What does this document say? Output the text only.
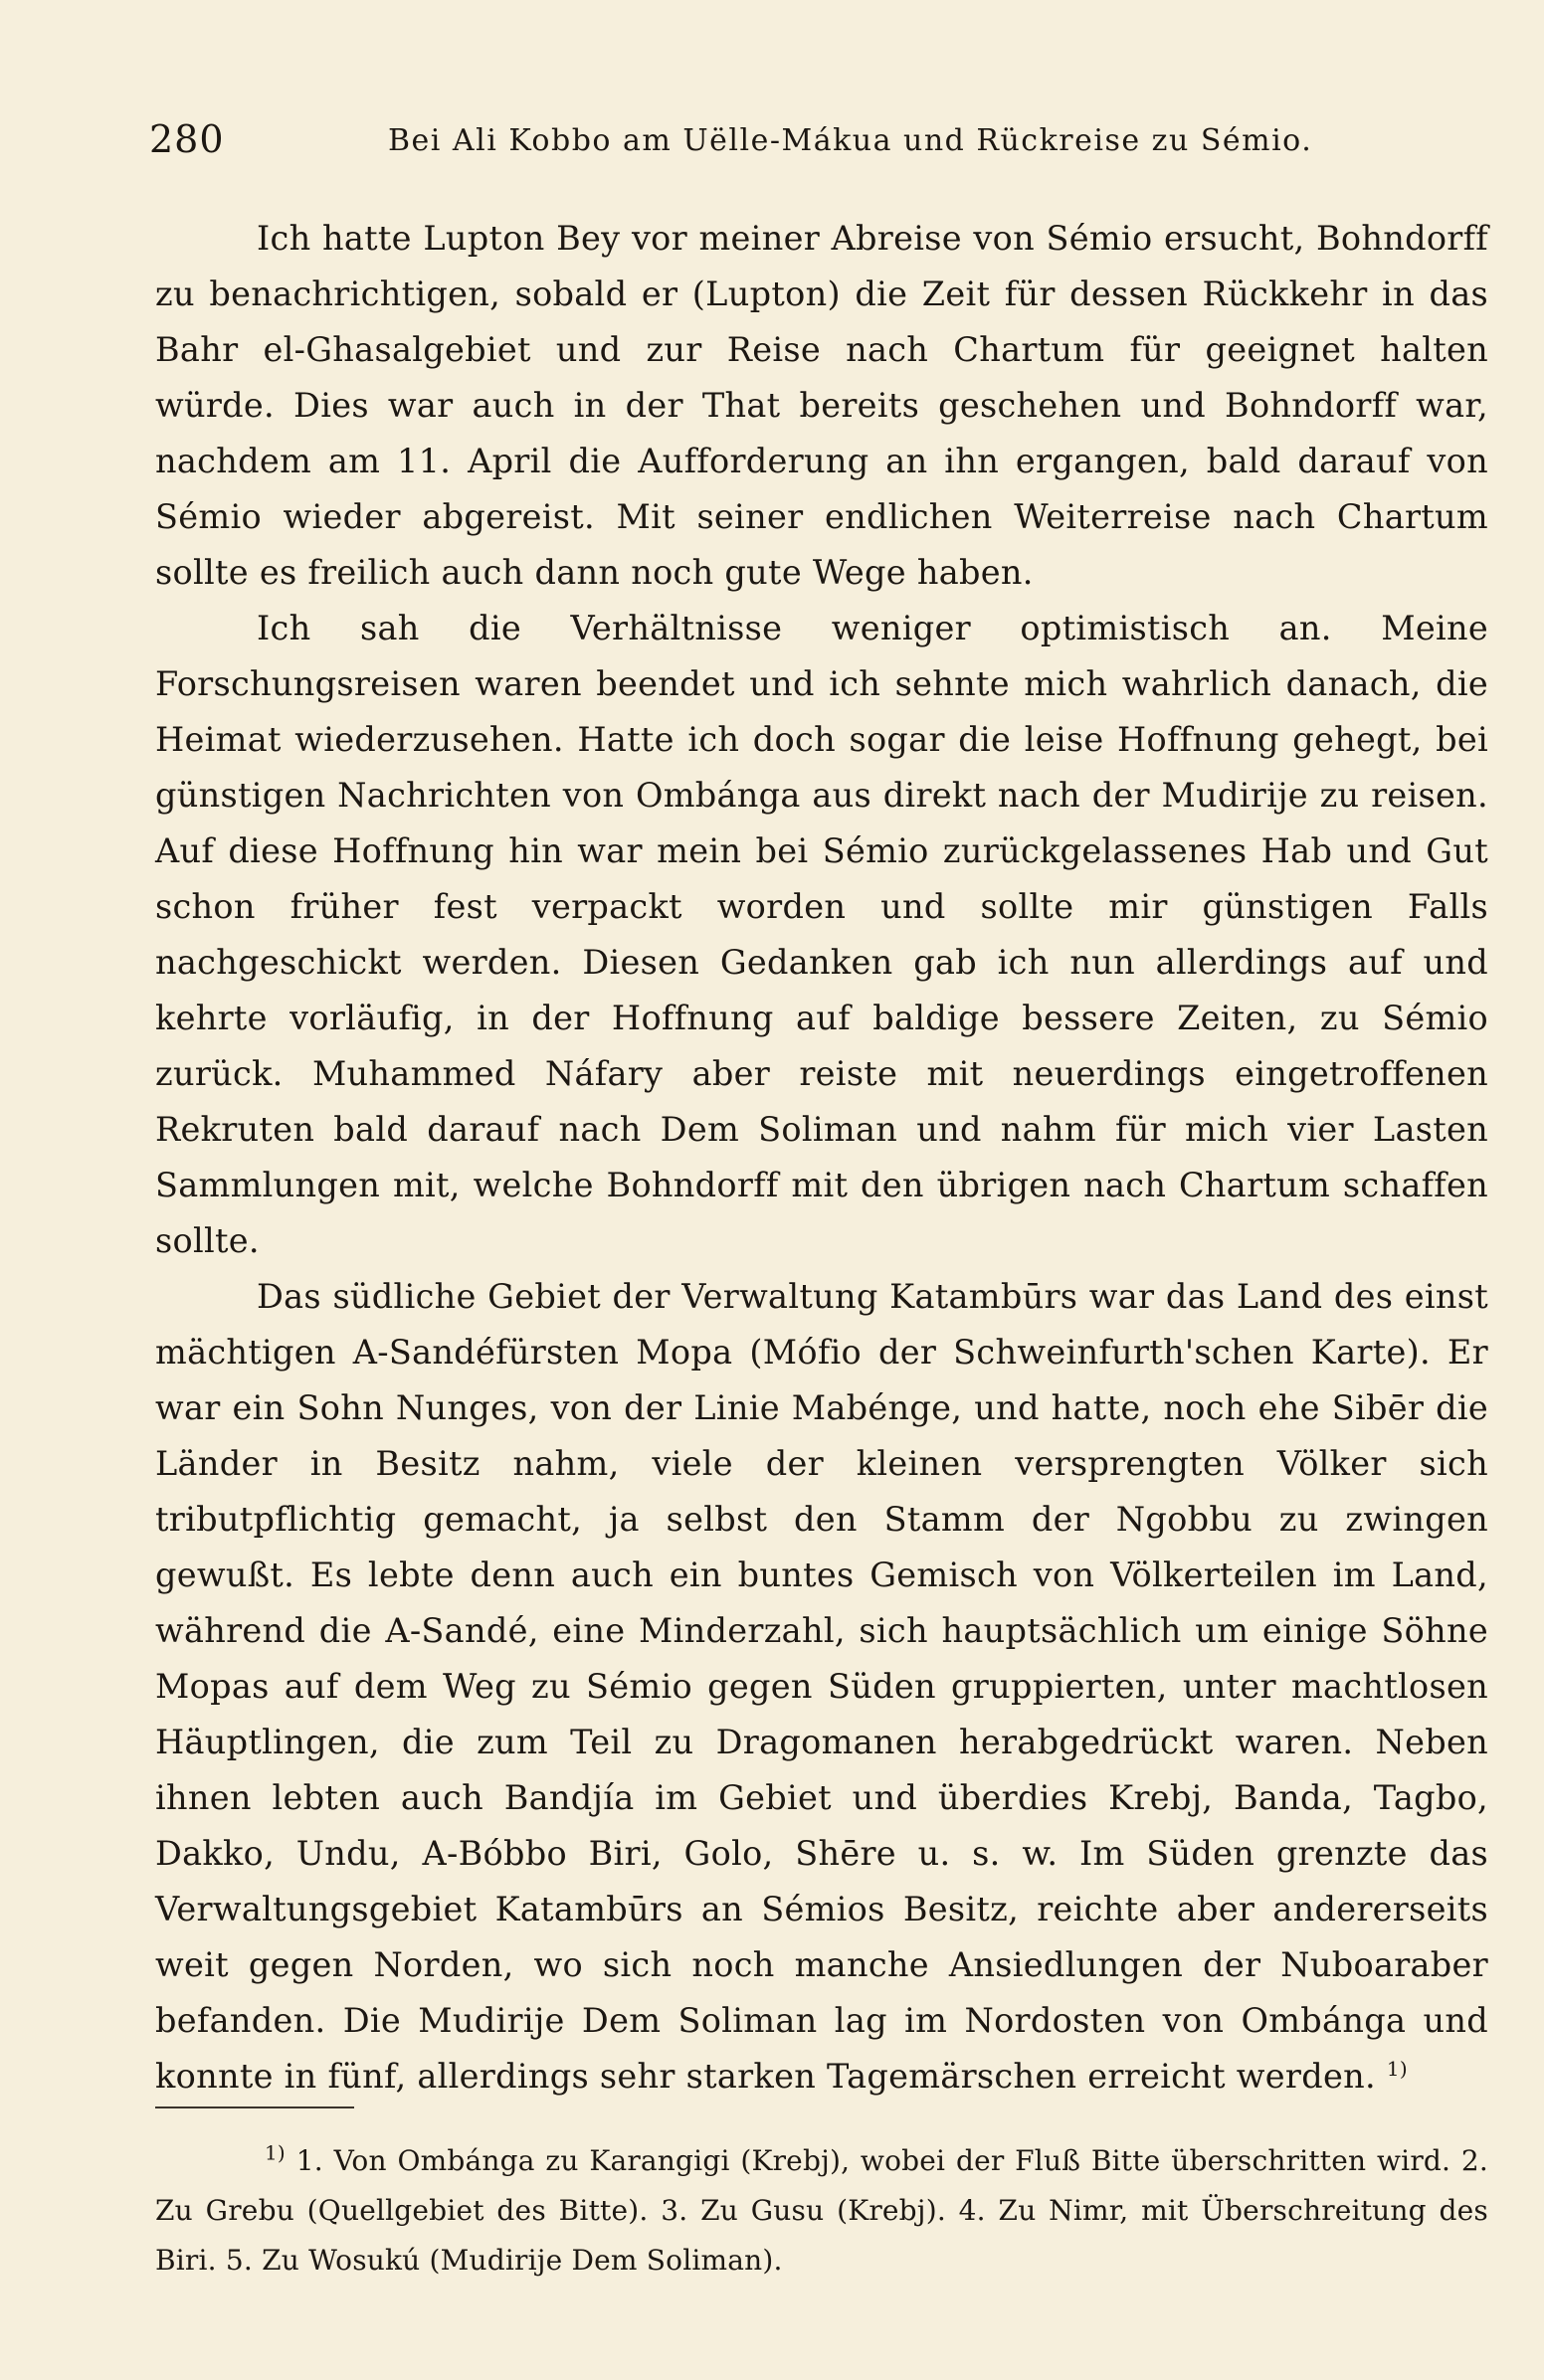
280	Bei Ali Kobbo am Uëlle-Mákua und Rückreise zu Sémio.

Ich hatte Lupton Bey vor meiner Abreise von Sémio ersucht, Bohndorff zu benachrichtigen, sobald er (Lupton) die Zeit für dessen Rückkehr in das Bahr el-Ghasalgebiet und zur Reise nach Chartum für geeignet halten würde. Dies war auch in der That bereits geschehen und Bohndorff war, nachdem am 11. April die Aufforderung an ihn ergangen, bald darauf von Sémio wieder abgereist. Mit seiner endlichen Weiterreise nach Chartum sollte es freilich auch dann noch gute Wege haben.

Ich sah die Verhältnisse weniger optimistisch an. Meine Forschungsreisen waren beendet und ich sehnte mich wahrlich danach, die Heimat wiederzusehen. Hatte ich doch sogar die leise Hoffnung gehegt, bei günstigen Nachrichten von Ombánga aus direkt nach der Mudirije zu reisen. Auf diese Hoffnung hin war mein bei Sémio zurückgelassenes Hab und Gut schon früher fest verpackt worden und sollte mir günstigen Falls nachgeschickt werden. Diesen Gedanken gab ich nun allerdings auf und kehrte vorläufig, in der Hoffnung auf baldige bessere Zeiten, zu Sémio zurück. Muhammed Náfary aber reiste mit neuerdings eingetroffenen Rekruten bald darauf nach Dem Soliman und nahm für mich vier Lasten Sammlungen mit, welche Bohndorff mit den übrigen nach Chartum schaffen sollte.

Das südliche Gebiet der Verwaltung Katambūrs war das Land des einst mächtigen A-Sandéfürsten Mopa (Mófio der Schweinfurth'schen Karte). Er war ein Sohn Nunges, von der Linie Mabénge, und hatte, noch ehe Sibēr die Länder in Besitz nahm, viele der kleinen versprengten Völker sich tributpflichtig gemacht, ja selbst den Stamm der Ngobbu zu zwingen gewußt. Es lebte denn auch ein buntes Gemisch von Völkerteilen im Land, während die A-Sandé, eine Minderzahl, sich hauptsächlich um einige Söhne Mopas auf dem Weg zu Sémio gegen Süden gruppierten, unter machtlosen Häuptlingen, die zum Teil zu Dragomanen herabgedrückt waren. Neben ihnen lebten auch Bandjía im Gebiet und überdies Krebj, Banda, Tagbo, Dakko, Undu, A-Bóbbo Biri, Golo, Shēre u. s. w. Im Süden grenzte das Verwaltungsgebiet Katambūrs an Sémios Besitz, reichte aber andererseits weit gegen Norden, wo sich noch manche Ansiedlungen der Nuboaraber befanden. Die Mudirije Dem Soliman lag im Nordosten von Ombánga und konnte in fünf, allerdings sehr starken Tagemärschen erreicht werden. $^{1)}$

$^{1)}$ 1. Von Ombánga zu Karangigi (Krebj), wobei der Fluß Bitte überschritten wird. 2. Zu Grebu (Quellgebiet des Bitte). 3. Zu Gusu (Krebj). 4. Zu Nimr, mit Überschreitung des Biri. 5. Zu Wosukú (Mudirije Dem Soliman).
